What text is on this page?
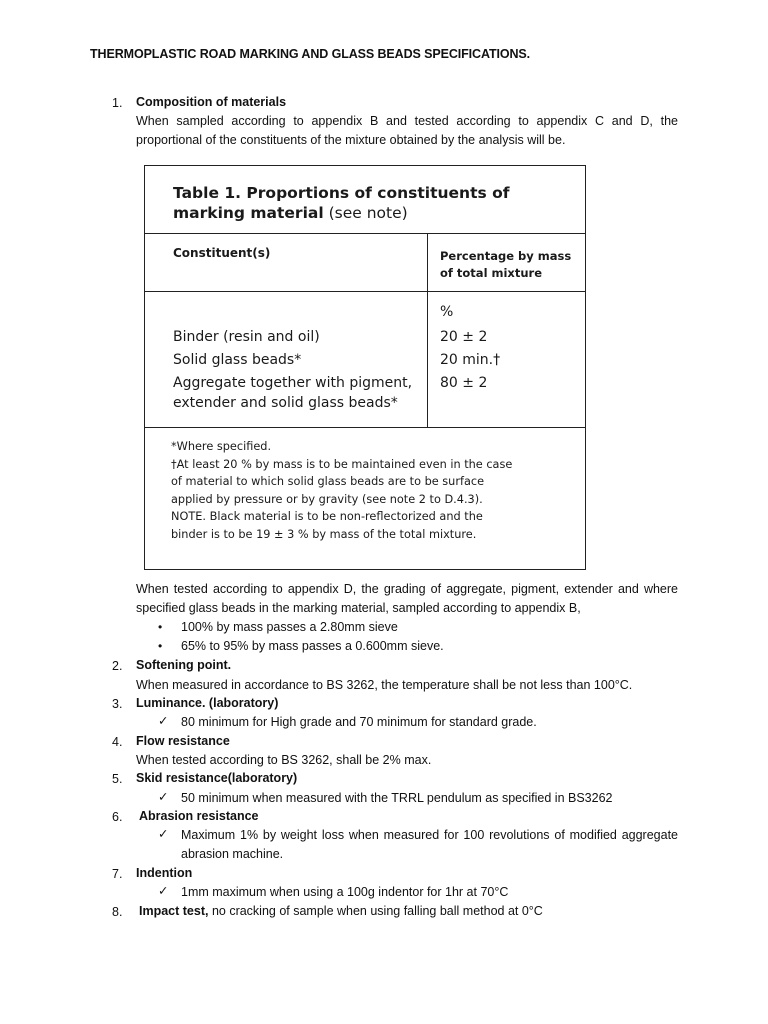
THERMOPLASTIC ROAD MARKING AND GLASS BEADS SPECIFICATIONS.
1. Composition of materials
When sampled according to appendix B and tested according to appendix C and D, the
proportional of the constituents of the mixture obtained by the analysis will be.
Table 1. Proportions of constituents of
marking material (see note)
Constituent(s)	Percentage by mass
of total mixture
Binder (resin and oil)
Solid glass beads*
Aggregate together with pigment,
extender and solid glass beads*
%
20 ± 2
20 min.†
80 ± 2
*Where specified.
†At least 20 % by mass is to be maintained even in the case
of material to which solid glass beads are to be surface
applied by pressure or by gravity (see note 2 to D.4.3).
NOTE. Black material is to be non-reflectorized and the
binder is to be 19 ± 3 % by mass of the total mixture.
When tested according to appendix D, the grading of aggregate, pigment, extender and where
specified glass beads in the marking material, sampled according to appendix B,
• 100% by mass passes a 2.80mm sieve
• 65% to 95% by mass passes a 0.600mm sieve.
2. Softening point.
When measured in accordance to BS 3262, the temperature shall be not less than 100°C.
3. Luminance. (laboratory)
✓ 80 minimum for High grade and 70 minimum for standard grade.
4. Flow resistance
When tested according to BS 3262, shall be 2% max.
5. Skid resistance(laboratory)
✓ 50 minimum when measured with the TRRL pendulum as specified in BS3262
6. Abrasion resistance
✓ Maximum 1% by weight loss when measured for 100 revolutions of modified aggregate
abrasion machine.
7. Indention
✓ 1mm maximum when using a 100g indentor for 1hr at 70°C
8. Impact test, no cracking of sample when using falling ball method at 0°C
